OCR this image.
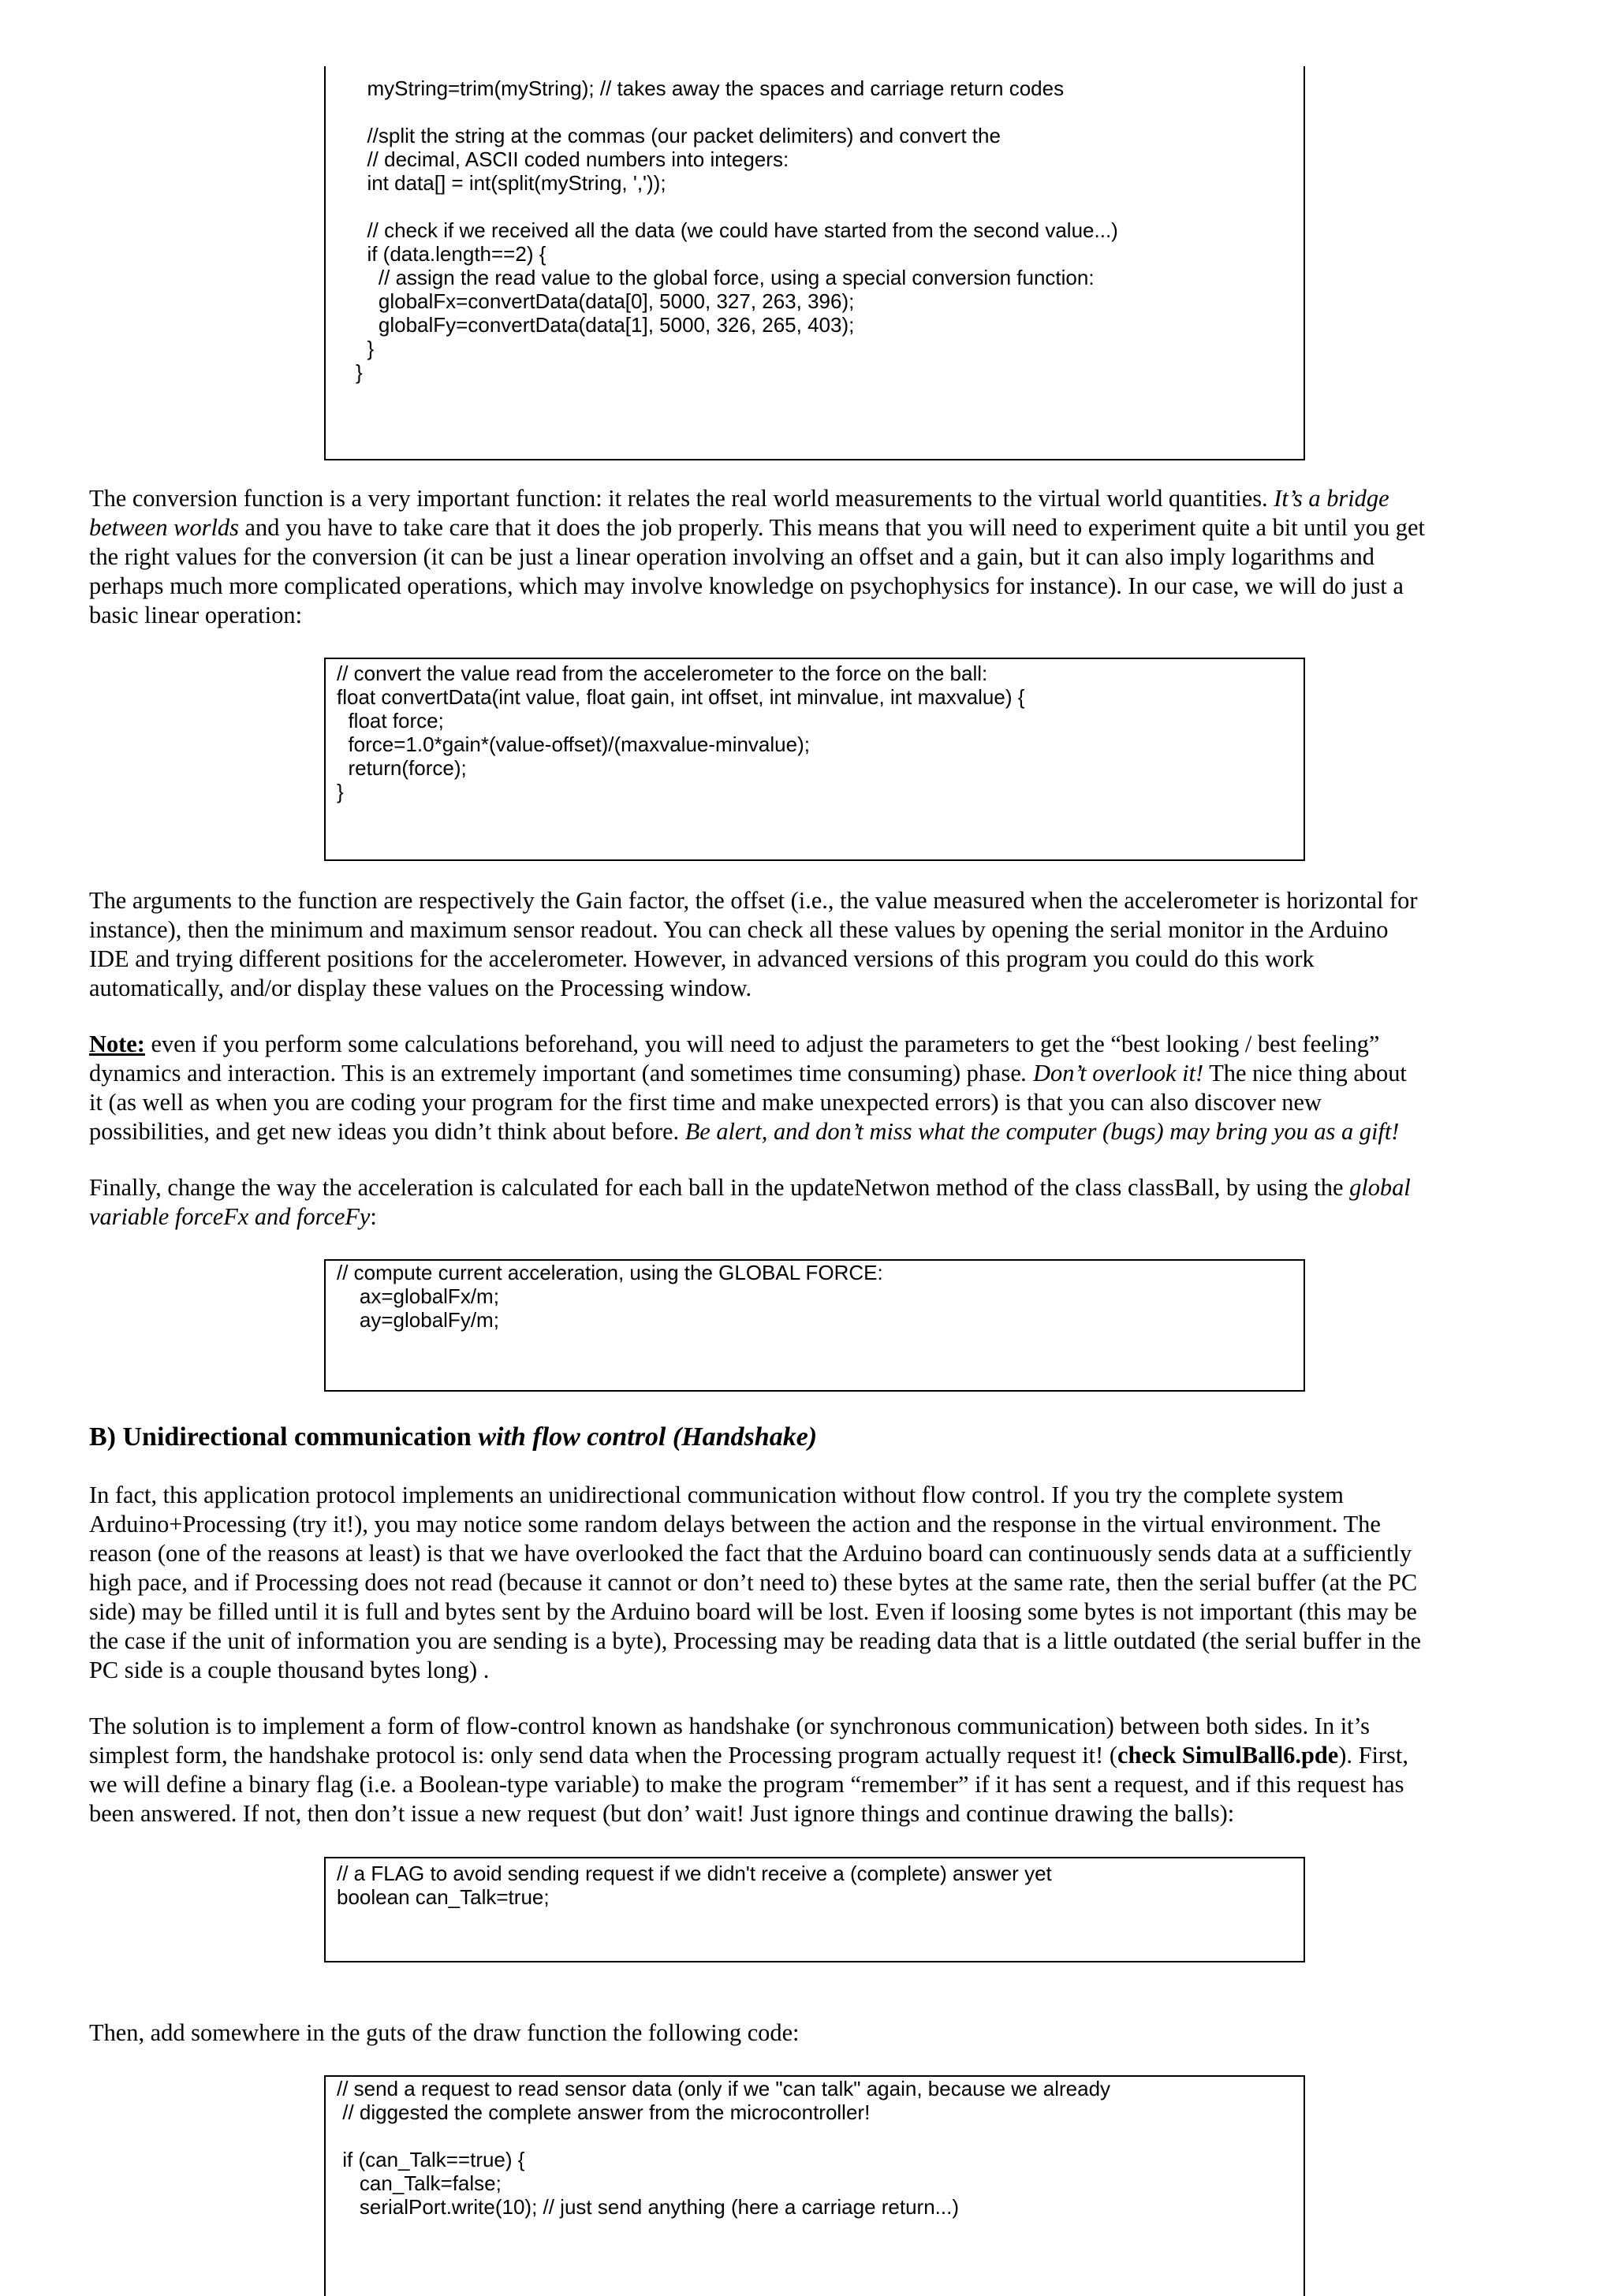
myString=trim(myString); // takes away the spaces and carriage return codes
//split the string at the commas (our packet delimiters) and convert the
// decimal, ASCII coded numbers into integers:
int data[] = int(split(myString, ','));
// check if we received all the data (we could have started from the second value...)
if (data.length==2) {
// assign the read value to the global force, using a special conversion function:
globalFx=convertData(data[0], 5000, 327, 263, 396);
globalFy=convertData(data[1], 5000, 326, 265, 403);
}
}
The conversion function is a very important function: it relates the real world measurements to the virtual world quantities. It’s a bridge
between worlds and you have to take care that it does the job properly. This means that you will need to experiment quite a bit until you get
the right values for the conversion (it can be just a linear operation involving an offset and a gain, but it can also imply logarithms and
perhaps much more complicated operations, which may involve knowledge on psychophysics for instance). In our case, we will do just a
basic linear operation:
// convert the value read from the accelerometer to the force on the ball:
float convertData(int value, float gain, int offset, int minvalue, int maxvalue) {
float force;
force=1.0*gain*(value-offset)/(maxvalue-minvalue);
return(force);
}
The arguments to the function are respectively the Gain factor, the offset (i.e., the value measured when the accelerometer is horizontal for
instance), then the minimum and maximum sensor readout. You can check all these values by opening the serial monitor in the Arduino
IDE and trying different positions for the accelerometer. However, in advanced versions of this program you could do this work
automatically, and/or display these values on the Processing window.
Note: even if you perform some calculations beforehand, you will need to adjust the parameters to get the “best looking / best feeling”
dynamics and interaction. This is an extremely important (and sometimes time consuming) phase. Don’t overlook it! The nice thing about
it (as well as when you are coding your program for the first time and make unexpected errors) is that you can also discover new
possibilities, and get new ideas you didn’t think about before. Be alert, and don’t miss what the computer (bugs) may bring you as a gift!
Finally, change the way the acceleration is calculated for each ball in the updateNetwon method of the class classBall, by using the global
variable forceFx and forceFy:
// compute current acceleration, using the GLOBAL FORCE:
ax=globalFx/m;
ay=globalFy/m;
B) Unidirectional communication with flow control (Handshake)
In fact, this application protocol implements an unidirectional communication without flow control. If you try the complete system
Arduino+Processing (try it!), you may notice some random delays between the action and the response in the virtual environment. The
reason (one of the reasons at least) is that we have overlooked the fact that the Arduino board can continuously sends data at a sufficiently
high pace, and if Processing does not read (because it cannot or don’t need to) these bytes at the same rate, then the serial buffer (at the PC
side) may be filled until it is full and bytes sent by the Arduino board will be lost. Even if loosing some bytes is not important (this may be
the case if the unit of information you are sending is a byte), Processing may be reading data that is a little outdated (the serial buffer in the
PC side is a couple thousand bytes long) .
The solution is to implement a form of flow-control known as handshake (or synchronous communication) between both sides. In it’s
simplest form, the handshake protocol is: only send data when the Processing program actually request it! (check SimulBall6.pde). First,
we will define a binary flag (i.e. a Boolean-type variable) to make the program “remember” if it has sent a request, and if this request has
been answered. If not, then don’t issue a new request (but don’ wait! Just ignore things and continue drawing the balls):
// a FLAG to avoid sending request if we didn't receive a (complete) answer yet
boolean can_Talk=true;
Then, add somewhere in the guts of the draw function the following code:
// send a request to read sensor data (only if we "can talk" again, because we already
// diggested the complete answer from the microcontroller!
if (can_Talk==true) {
can_Talk=false;
serialPort.write(10); // just send anything (here a carriage return...)
